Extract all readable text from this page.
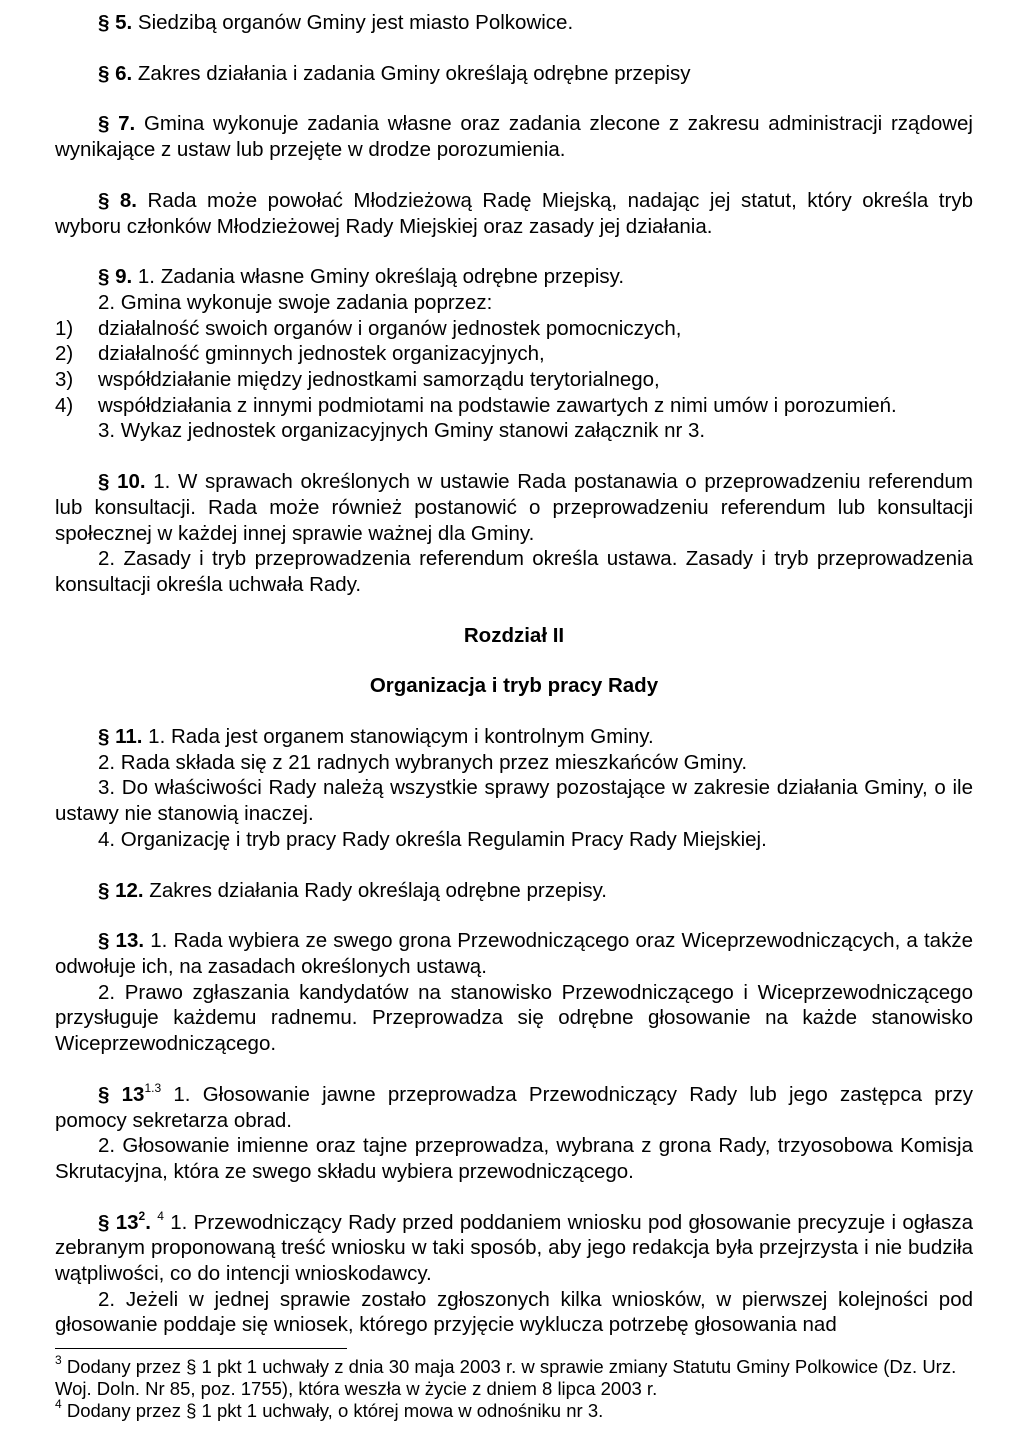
§ 5. Siedzibą organów Gminy jest miasto Polkowice.

§ 6. Zakres działania i zadania Gminy określają odrębne przepisy

§ 7. Gmina wykonuje zadania własne oraz zadania zlecone z zakresu administracji rządowej wynikające z ustaw lub przejęte w drodze porozumienia.

§ 8. Rada może powołać Młodzieżową Radę Miejską, nadając jej statut, który określa tryb wyboru członków Młodzieżowej Rady Miejskiej oraz zasady jej działania.

§ 9. 1. Zadania własne Gminy określają odrębne przepisy.

2. Gmina wykonuje swoje zadania poprzez:

1)	działalność swoich organów i organów jednostek pomocniczych,
2)	działalność gminnych jednostek organizacyjnych,
3)	współdziałanie między jednostkami samorządu terytorialnego,
4)	współdziałania z innymi podmiotami na podstawie zawartych z nimi umów i porozumień.

3. Wykaz jednostek organizacyjnych Gminy stanowi załącznik nr 3.

§ 10. 1. W sprawach określonych w ustawie Rada postanawia o przeprowadzeniu referendum lub konsultacji. Rada może również postanowić o przeprowadzeniu referendum lub konsultacji społecznej w każdej innej sprawie ważnej dla Gminy.

2. Zasady i tryb przeprowadzenia referendum określa ustawa. Zasady i tryb przeprowadzenia konsultacji określa uchwała Rady.

Rozdział II

Organizacja i tryb pracy Rady

§ 11. 1. Rada jest organem stanowiącym i kontrolnym Gminy.

2. Rada składa się z 21 radnych wybranych przez mieszkańców Gminy.

3. Do właściwości Rady należą wszystkie sprawy pozostające w zakresie działania Gminy, o ile ustawy nie stanowią inaczej.

4. Organizację i tryb pracy Rady określa Regulamin Pracy Rady Miejskiej.

§ 12. Zakres działania Rady określają odrębne przepisy.

§ 13. 1. Rada wybiera ze swego grona Przewodniczącego oraz Wiceprzewodniczących, a także odwołuje ich, na zasadach określonych ustawą.

2. Prawo zgłaszania kandydatów na stanowisko Przewodniczącego i Wiceprzewodniczącego przysługuje każdemu radnemu. Przeprowadza się odrębne głosowanie na każde stanowisko Wiceprzewodniczącego.

§ $13^{1.3}$ 1. Głosowanie jawne przeprowadza Przewodniczący Rady lub jego zastępca przy pomocy sekretarza obrad.

2. Głosowanie imienne oraz tajne przeprowadza, wybrana z grona Rady, trzyosobowa Komisja Skrutacyjna, która ze swego składu wybiera przewodniczącego.

§ $13^2$. $^4$ 1. Przewodniczący Rady przed poddaniem wniosku pod głosowanie precyzuje i ogłasza zebranym proponowaną treść wniosku w taki sposób, aby jego redakcja była przejrzysta i nie budziła wątpliwości, co do intencji wnioskodawcy.

2. Jeżeli w jednej sprawie zostało zgłoszonych kilka wniosków, w pierwszej kolejności pod głosowanie poddaje się wniosek, którego przyjęcie wyklucza potrzebę głosowania nad

$^3$ Dodany przez § 1 pkt 1 uchwały z dnia 30 maja 2003 r. w sprawie zmiany Statutu Gminy Polkowice (Dz. Urz. Woj. Doln. Nr 85, poz. 1755), która weszła w życie z dniem 8 lipca 2003 r.

$^4$ Dodany przez § 1 pkt 1 uchwały, o której mowa w odnośniku nr 3.
